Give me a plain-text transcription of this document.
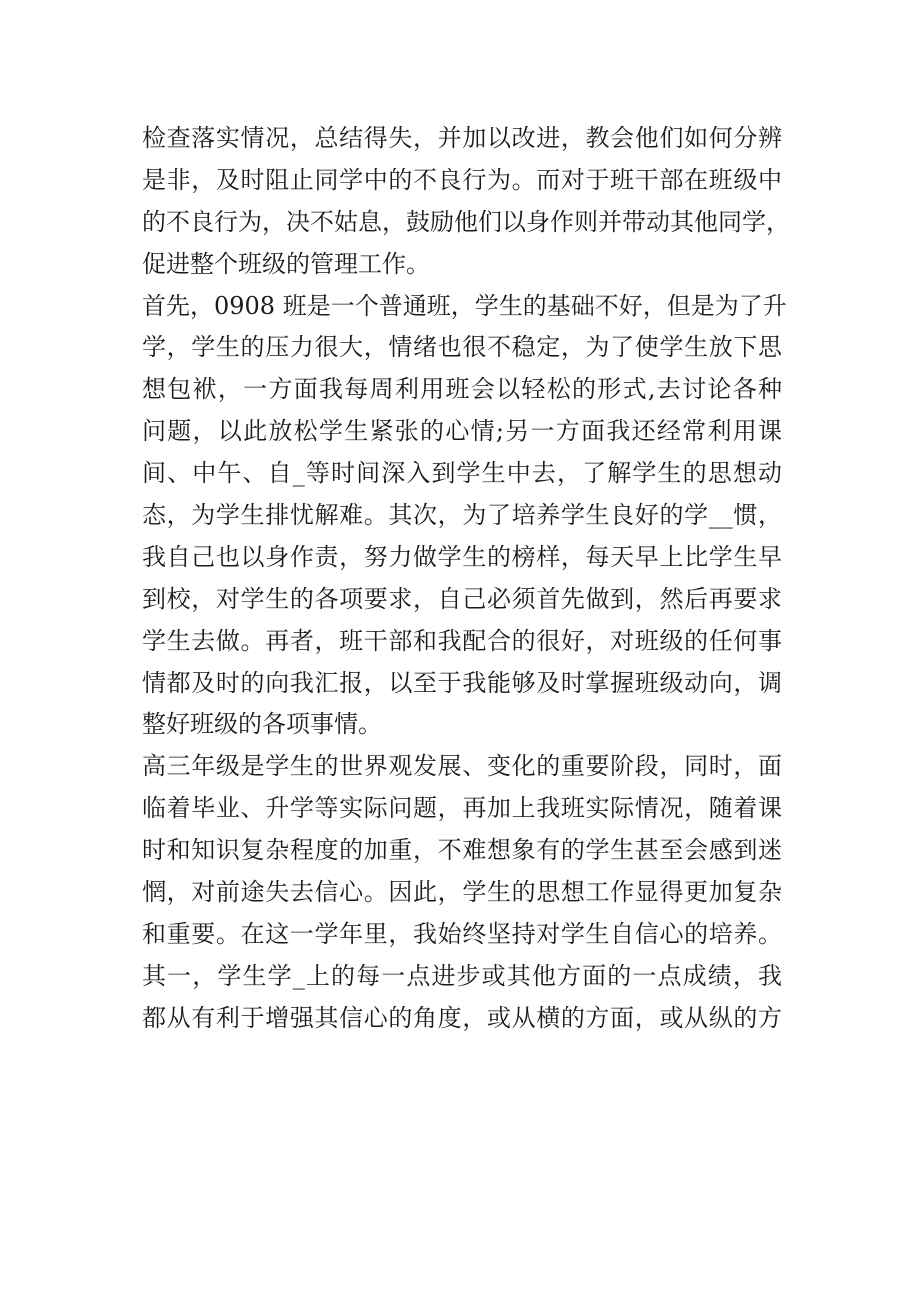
检查落实情况，总结得失，并加以改进，教会他们如何分辨
是非，及时阻止同学中的不良行为。而对于班干部在班级中
的不良行为，决不姑息，鼓励他们以身作则并带动其他同学，
促进整个班级的管理工作。
首先，0908 班是一个普通班，学生的基础不好，但是为了升
学，学生的压力很大，情绪也很不稳定，为了使学生放下思
想包袱，一方面我每周利用班会以轻松的形式,去讨论各种
问题，以此放松学生紧张的心情;另一方面我还经常利用课
间、中午、自_等时间深入到学生中去，了解学生的思想动
态，为学生排忧解难。其次，为了培养学生良好的学__惯，
我自己也以身作责，努力做学生的榜样，每天早上比学生早
到校，对学生的各项要求，自己必须首先做到，然后再要求
学生去做。再者，班干部和我配合的很好，对班级的任何事
情都及时的向我汇报，以至于我能够及时掌握班级动向，调
整好班级的各项事情。
高三年级是学生的世界观发展、变化的重要阶段，同时，面
临着毕业、升学等实际问题，再加上我班实际情况，随着课
时和知识复杂程度的加重，不难想象有的学生甚至会感到迷
惘，对前途失去信心。因此，学生的思想工作显得更加复杂
和重要。在这一学年里，我始终坚持对学生自信心的培养。
其一，学生学_上的每一点进步或其他方面的一点成绩，我
都从有利于增强其信心的角度，或从横的方面，或从纵的方
